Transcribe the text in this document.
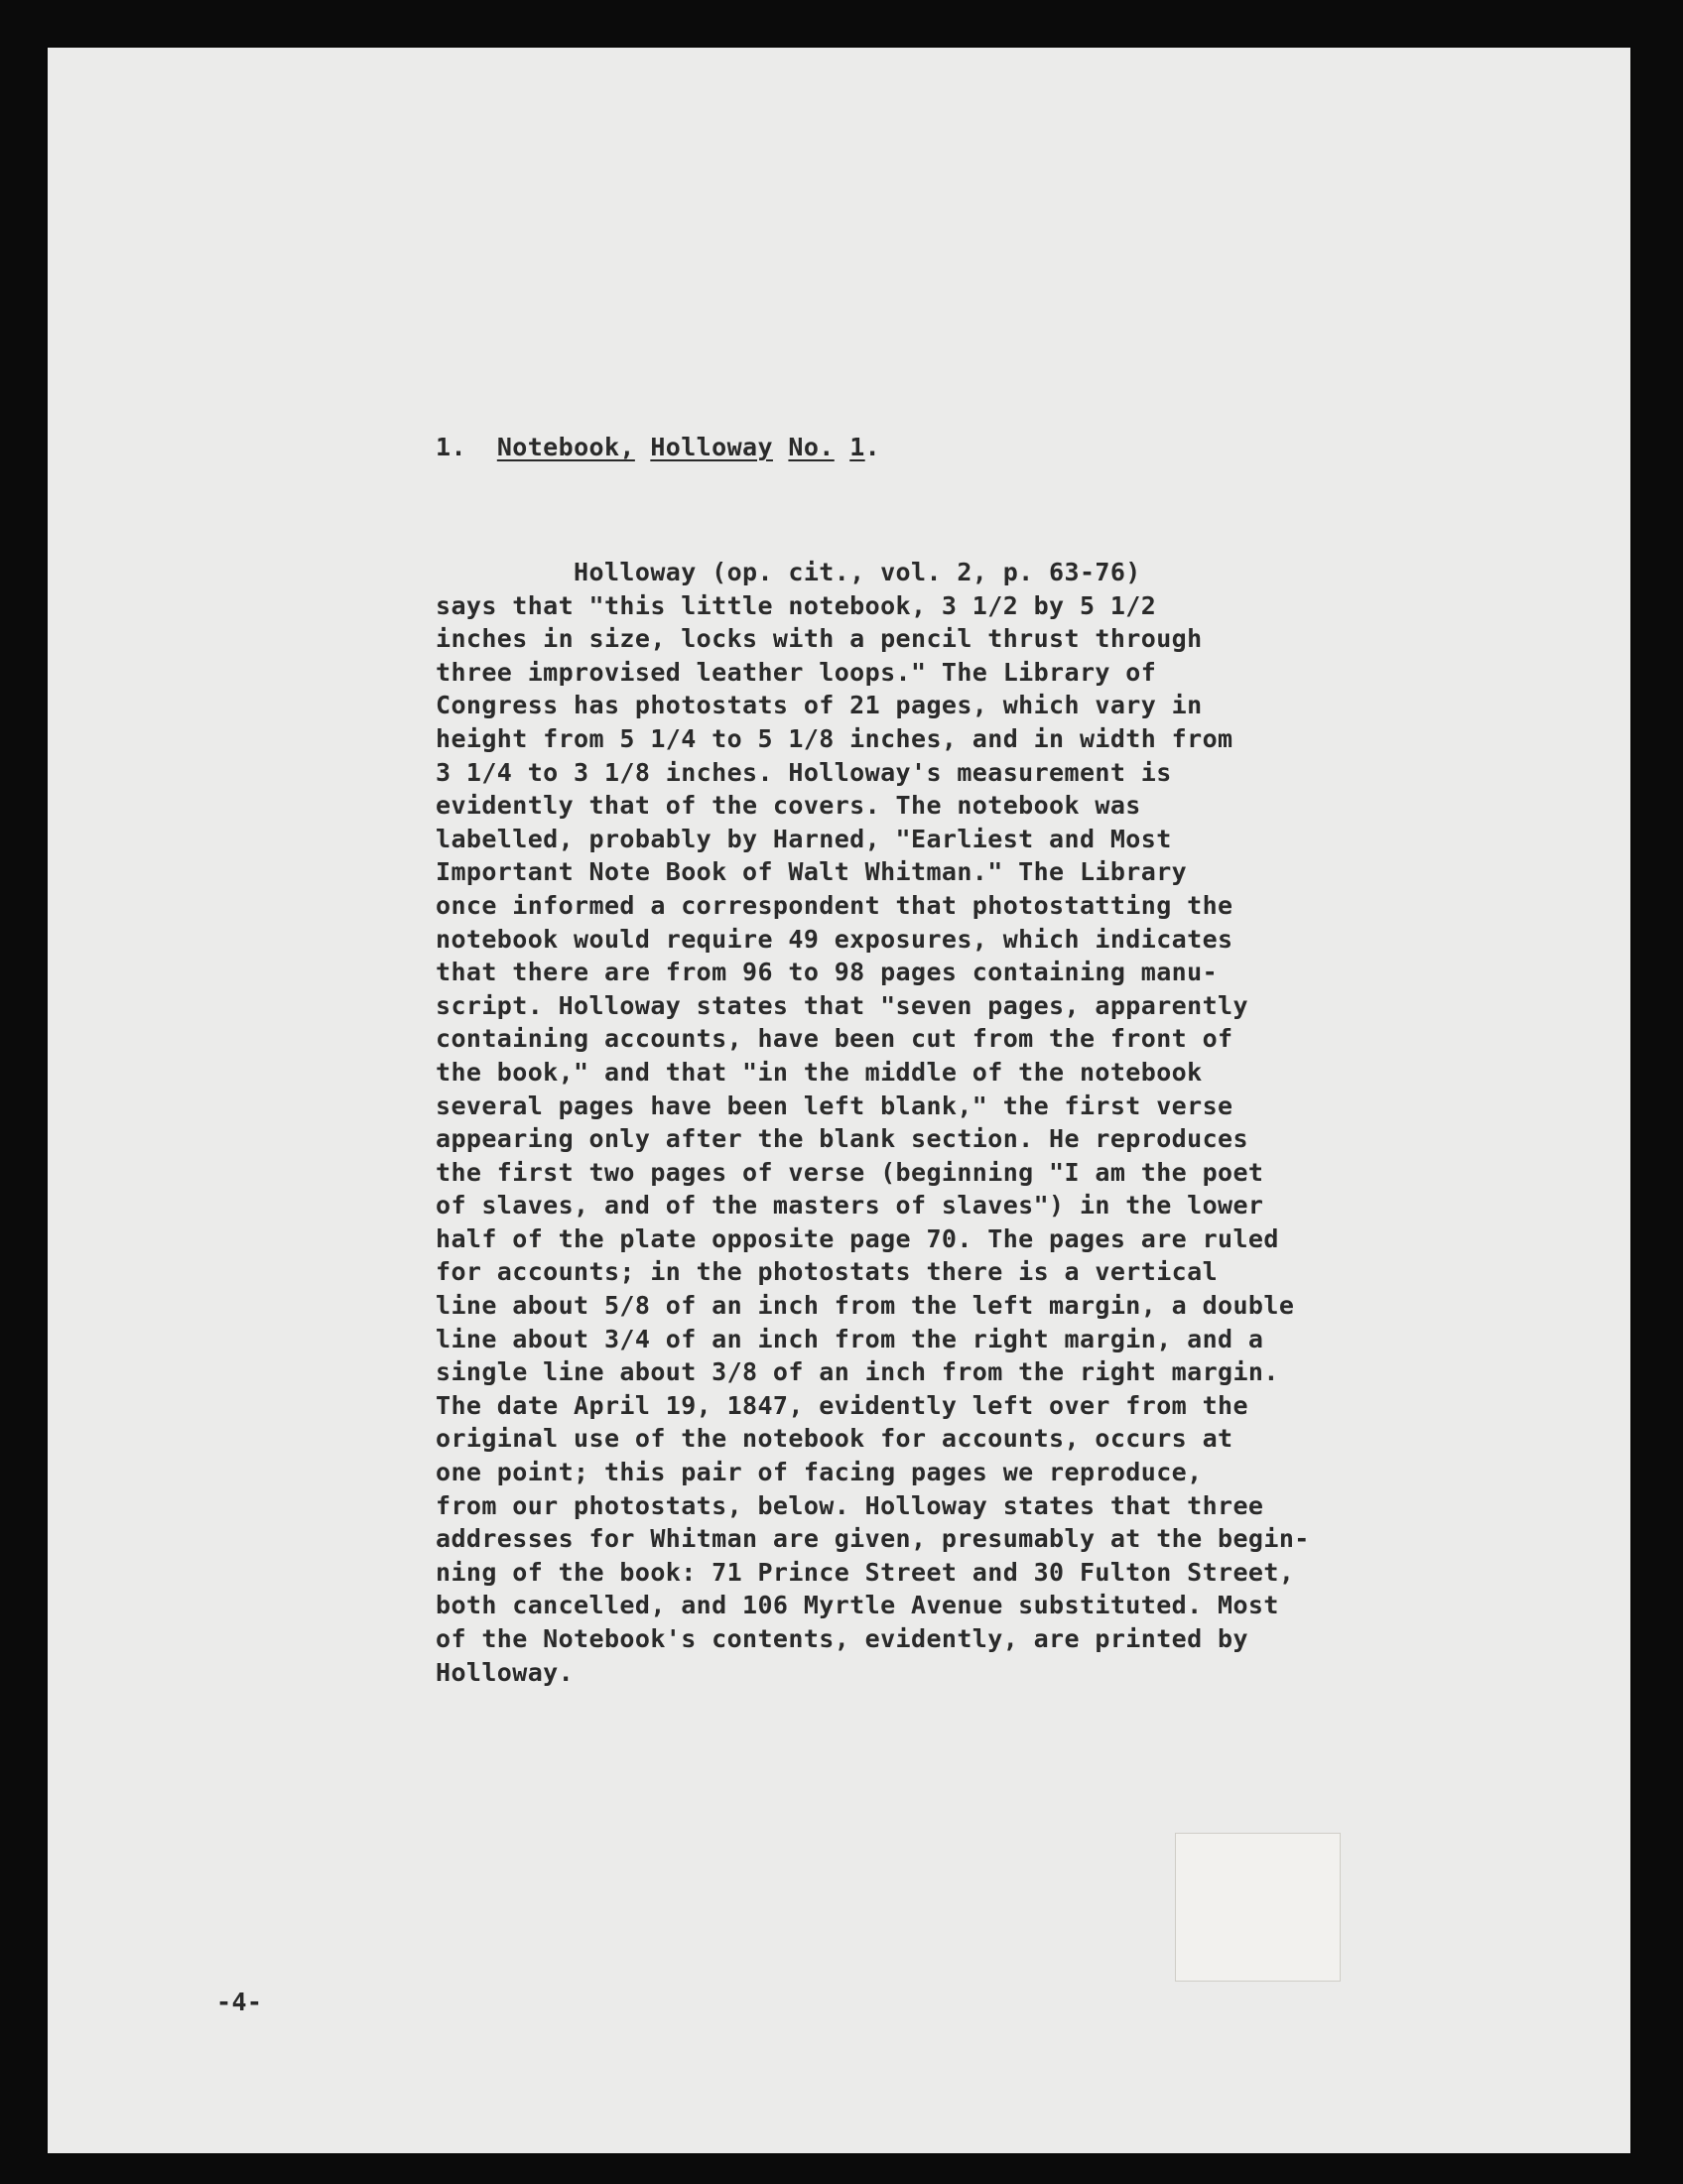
1. Notebook, Holloway No. 1.
Holloway (op. cit., vol. 2, p. 63-76)
says that "this little notebook, 3 1/2 by 5 1/2
inches in size, locks with a pencil thrust through
three improvised leather loops." The Library of
Congress has photostats of 21 pages, which vary in
height from 5 1/4 to 5 1/8 inches, and in width from
3 1/4 to 3 1/8 inches. Holloway's measurement is
evidently that of the covers. The notebook was
labelled, probably by Harned, "Earliest and Most
Important Note Book of Walt Whitman." The Library
once informed a correspondent that photostatting the
notebook would require 49 exposures, which indicates
that there are from 96 to 98 pages containing manu-
script. Holloway states that "seven pages, apparently
containing accounts, have been cut from the front of
the book," and that "in the middle of the notebook
several pages have been left blank," the first verse
appearing only after the blank section. He reproduces
the first two pages of verse (beginning "I am the poet
of slaves, and of the masters of slaves") in the lower
half of the plate opposite page 70. The pages are ruled
for accounts; in the photostats there is a vertical
line about 5/8 of an inch from the left margin, a double
line about 3/4 of an inch from the right margin, and a
single line about 3/8 of an inch from the right margin.
The date April 19, 1847, evidently left over from the
original use of the notebook for accounts, occurs at
one point; this pair of facing pages we reproduce,
from our photostats, below. Holloway states that three
addresses for Whitman are given, presumably at the begin-
ning of the book: 71 Prince Street and 30 Fulton Street,
both cancelled, and 106 Myrtle Avenue substituted. Most
of the Notebook's contents, evidently, are printed by
Holloway.
-4-
